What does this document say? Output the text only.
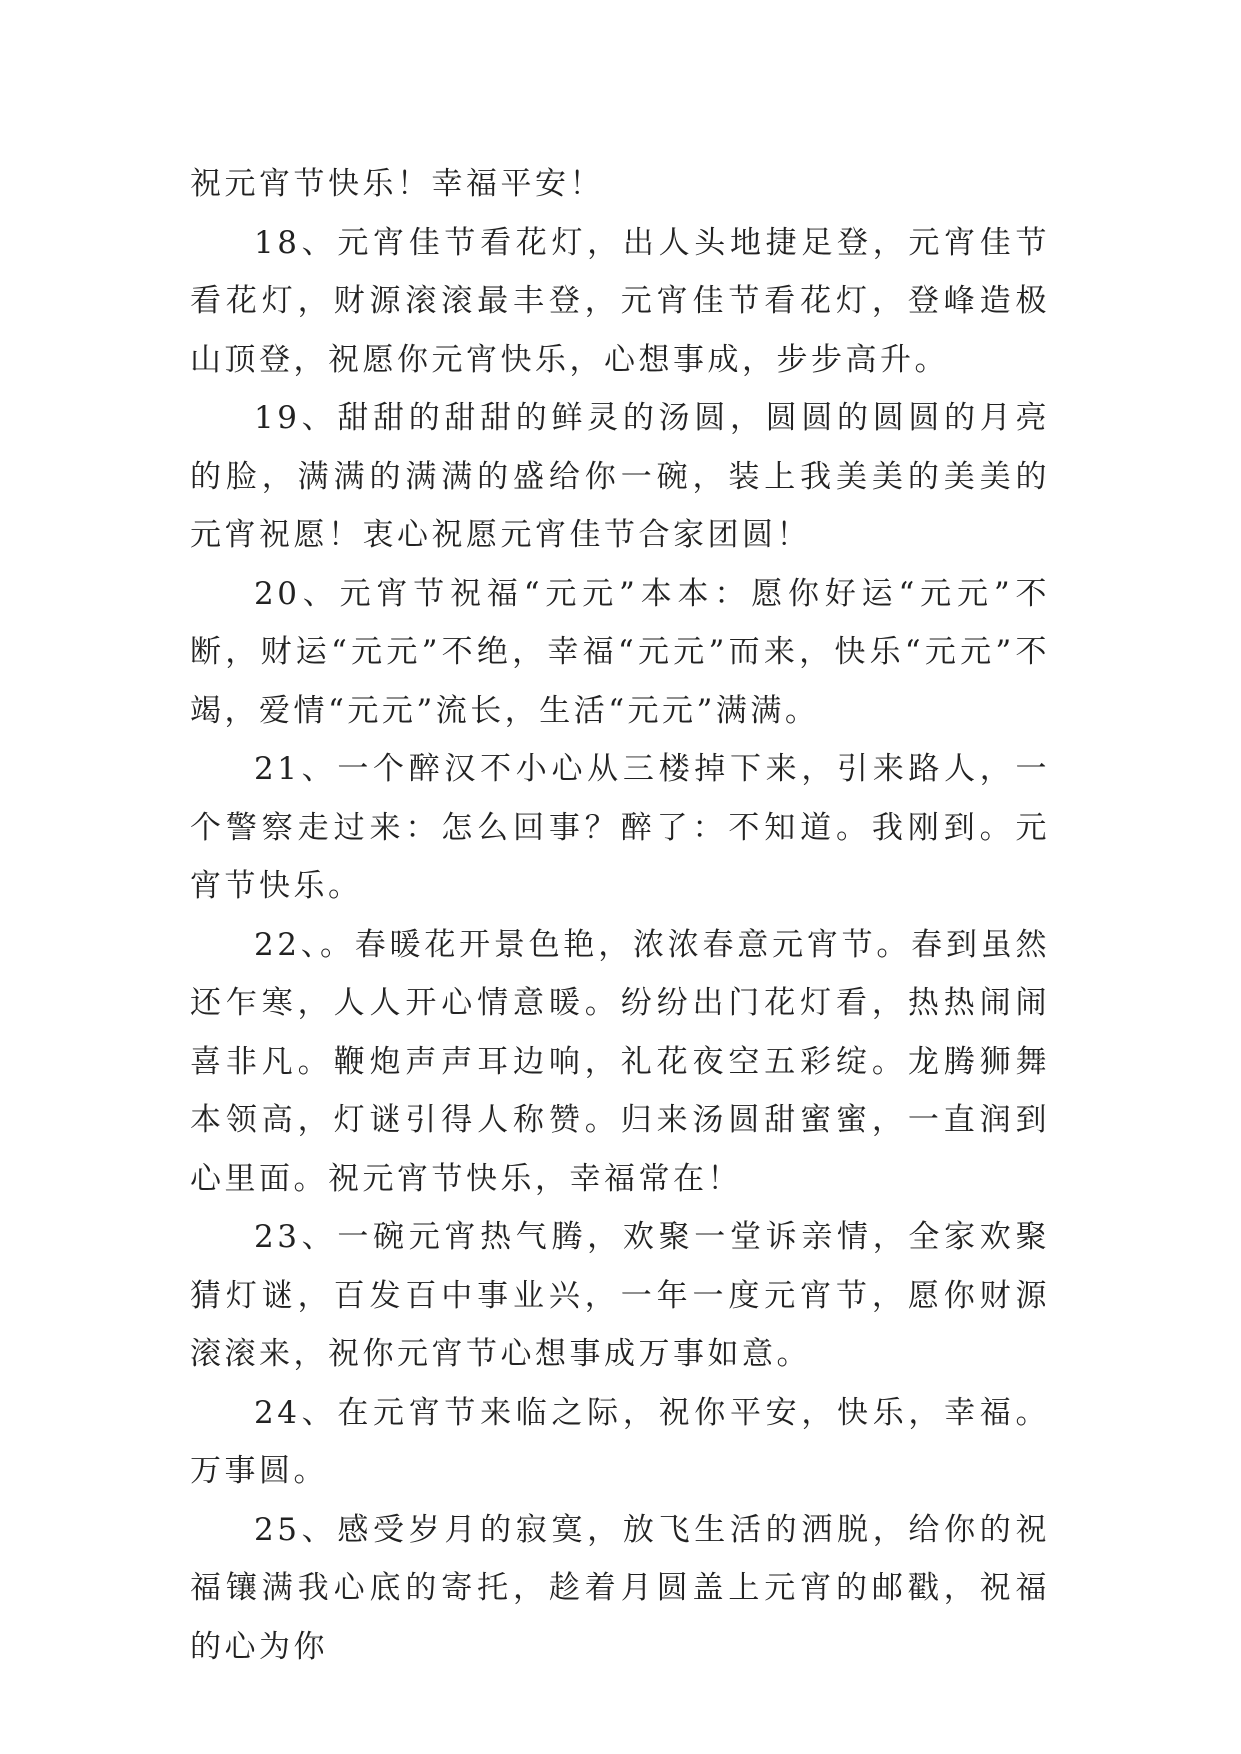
祝元宵节快乐！幸福平安！

18、元宵佳节看花灯，出人头地捷足登，元宵佳节看花灯，财源滚滚最丰登，元宵佳节看花灯，登峰造极山顶登，祝愿你元宵快乐，心想事成，步步高升。

19、甜甜的甜甜的鲜灵的汤圆，圆圆的圆圆的月亮的脸，满满的满满的盛给你一碗，装上我美美的美美的元宵祝愿！衷心祝愿元宵佳节合家团圆！

20、元宵节祝福“元元”本本：愿你好运“元元”不断，财运“元元”不绝，幸福“元元”而来，快乐“元元”不竭，爱情“元元”流长，生活“元元”满满。

21、一个醉汉不小心从三楼掉下来，引来路人，一个警察走过来：怎么回事？醉了：不知道。我刚到。元宵节快乐。

22、。春暖花开景色艳，浓浓春意元宵节。春到虽然还乍寒，人人开心情意暖。纷纷出门花灯看，热热闹闹喜非凡。鞭炮声声耳边响，礼花夜空五彩绽。龙腾狮舞本领高，灯谜引得人称赞。归来汤圆甜蜜蜜，一直润到心里面。祝元宵节快乐，幸福常在！

23、一碗元宵热气腾，欢聚一堂诉亲情，全家欢聚猜灯谜，百发百中事业兴，一年一度元宵节，愿你财源滚滚来，祝你元宵节心想事成万事如意。

24、在元宵节来临之际，祝你平安，快乐，幸福。万事圆。

25、感受岁月的寂寞，放飞生活的洒脱，给你的祝福镶满我心底的寄托，趁着月圆盖上元宵的邮戳，祝福的心为你
